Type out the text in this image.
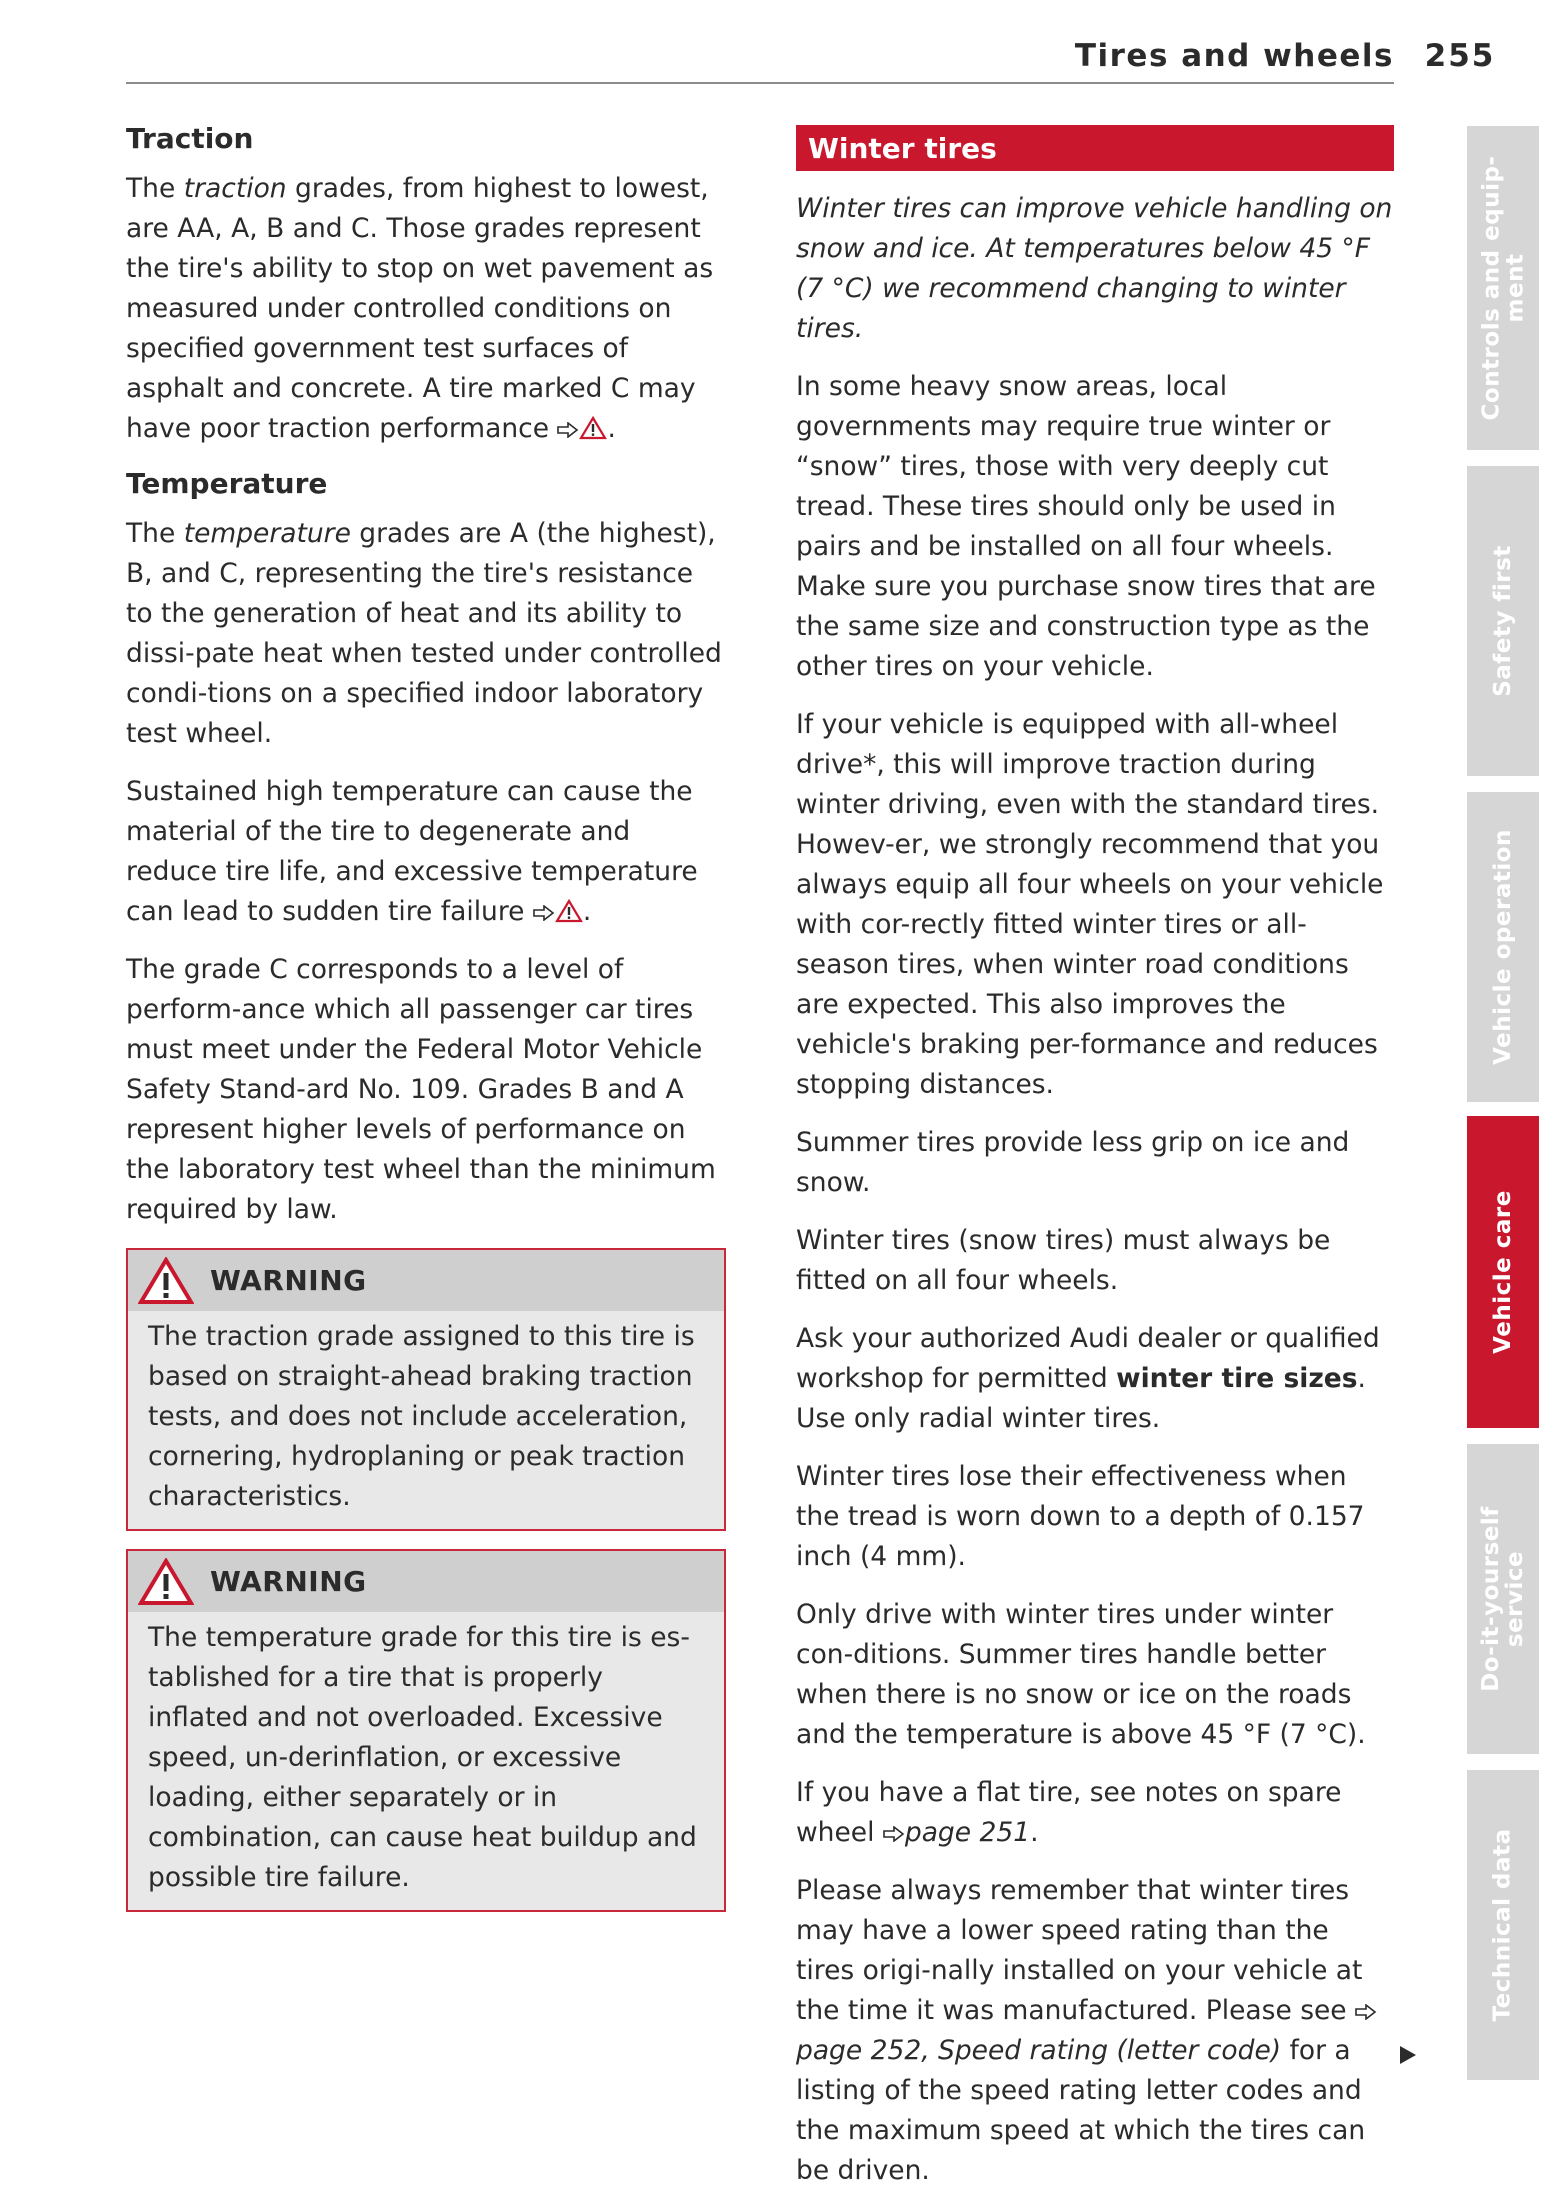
Tires and wheels 255
Traction

The traction grades, from highest to lowest, are AA, A, B and C. Those grades represent the tire's ability to stop on wet pavement as measured under controlled conditions on specified government test surfaces of asphalt and concrete. A tire marked C may have poor traction performance .

Temperature

The temperature grades are A (the highest), B, and C, representing the tire's resistance to the generation of heat and its ability to dissi-pate heat when tested under controlled condi-tions on a specified indoor laboratory test wheel.

Sustained high temperature can cause the material of the tire to degenerate and reduce tire life, and excessive temperature can lead to sudden tire failure .

The grade C corresponds to a level of perform-ance which all passenger car tires must meet under the Federal Motor Vehicle Safety Stand-ard No. 109. Grades B and A represent higher levels of performance on the laboratory test wheel than the minimum required by law.

WARNING
The traction grade assigned to this tire is based on straight-ahead braking traction tests, and does not include acceleration, cornering, hydroplaning or peak traction characteristics.
WARNING
The temperature grade for this tire is es-tablished for a tire that is properly inflated and not overloaded. Excessive speed, un-derinflation, or excessive loading, either separately or in combination, can cause heat buildup and possible tire failure.
Winter tires

Winter tires can improve vehicle handling on snow and ice. At temperatures below 45 °F (7 °C) we recommend changing to winter tires.

In some heavy snow areas, local governments may require true winter or “snow” tires, those with very deeply cut tread. These tires should only be used in pairs and be installed on all four wheels. Make sure you purchase snow tires that are the same size and construction type as the other tires on your vehicle.

If your vehicle is equipped with all-wheel drive*, this will improve traction during winter driving, even with the standard tires. Howev-er, we strongly recommend that you always equip all four wheels on your vehicle with cor-rectly fitted winter tires or all-season tires, when winter road conditions are expected. This also improves the vehicle's braking per-formance and reduces stopping distances.

Summer tires provide less grip on ice and snow.

Winter tires (snow tires) must always be fitted on all four wheels.

Ask your authorized Audi dealer or qualified workshop for permitted winter tire sizes. Use only radial winter tires.

Winter tires lose their effectiveness when the tread is worn down to a depth of 0.157 inch (4 mm).

Only drive with winter tires under winter con-ditions. Summer tires handle better when there is no snow or ice on the roads and the temperature is above 45 °F (7 °C).

If you have a flat tire, see notes on spare wheel page 251.

Please always remember that winter tires may have a lower speed rating than the tires origi-nally installed on your vehicle at the time it was manufactured. Please see page 252, Speed rating (letter code) for a listing of the speed rating letter codes and the maximum speed at which the tires can be driven.

Controls and equip-
ment
Safety first
Vehicle operation
Vehicle care
Do-it-yourself
service
Technical data
